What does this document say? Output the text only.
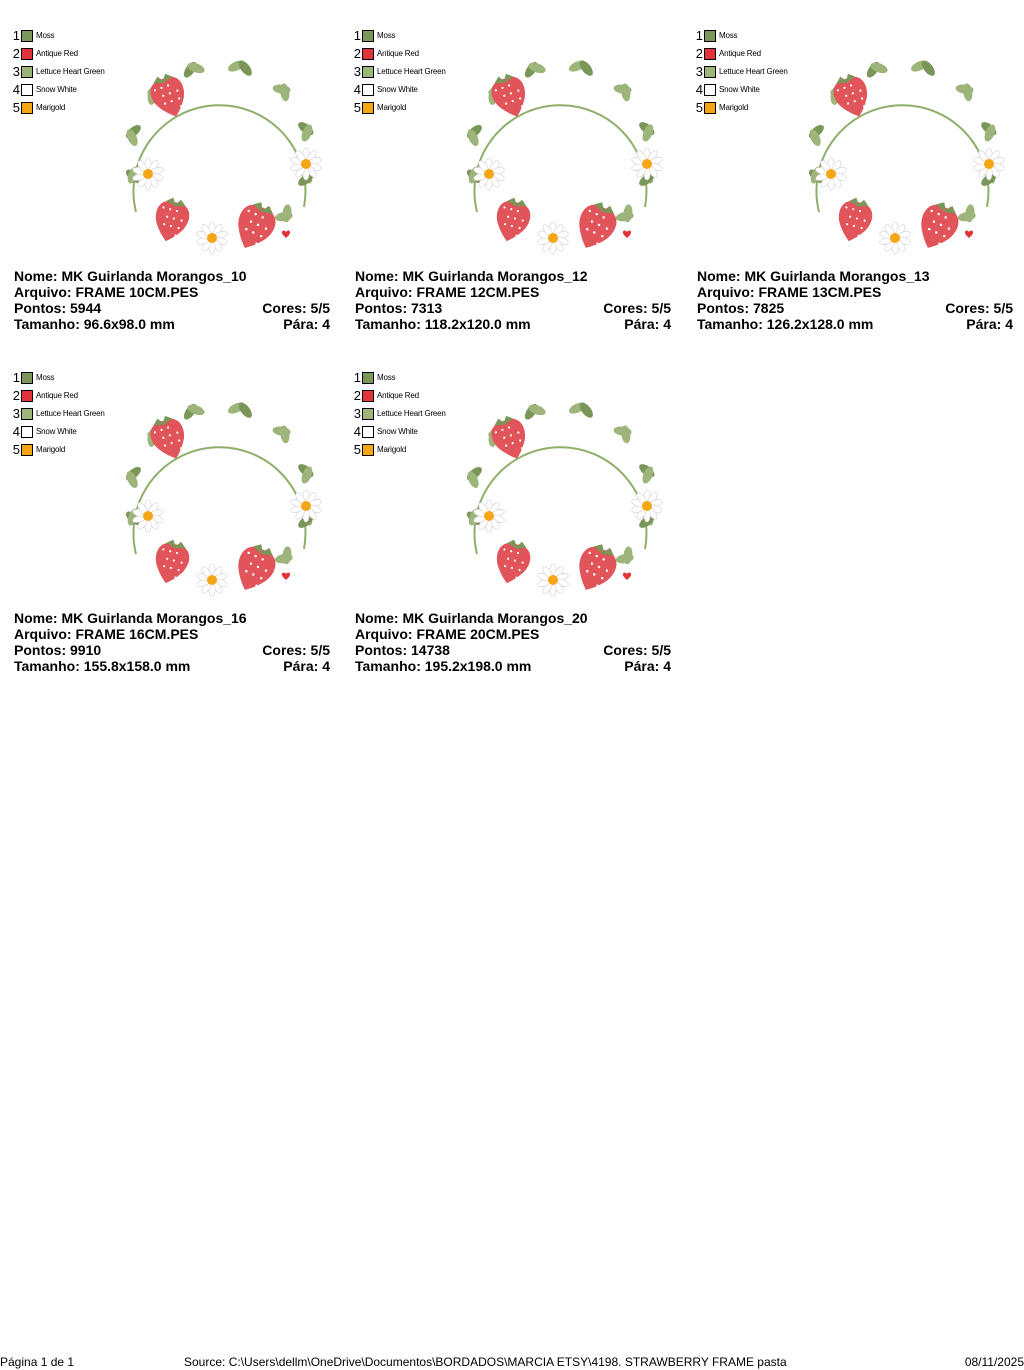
1 Moss
2 Antique Red
3 Lettuce Heart Green
4 Snow White
5 Marigold
Nome: MK Guirlanda Morangos_10
Arquivo: FRAME 10CM.PES
Pontos: 5944	Cores: 5/5
Tamanho: 96.6x98.0 mm	Pára: 4
1 Moss
2 Antique Red
3 Lettuce Heart Green
4 Snow White
5 Marigold
Nome: MK Guirlanda Morangos_12
Arquivo: FRAME 12CM.PES
Pontos: 7313	Cores: 5/5
Tamanho: 118.2x120.0 mm	Pára: 4
1 Moss
2 Antique Red
3 Lettuce Heart Green
4 Snow White
5 Marigold
Nome: MK Guirlanda Morangos_13
Arquivo: FRAME 13CM.PES
Pontos: 7825	Cores: 5/5
Tamanho: 126.2x128.0 mm	Pára: 4
1 Moss
2 Antique Red
3 Lettuce Heart Green
4 Snow White
5 Marigold
Nome: MK Guirlanda Morangos_16
Arquivo: FRAME 16CM.PES
Pontos: 9910	Cores: 5/5
Tamanho: 155.8x158.0 mm	Pára: 4
1 Moss
2 Antique Red
3 Lettuce Heart Green
4 Snow White
5 Marigold
Nome: MK Guirlanda Morangos_20
Arquivo: FRAME 20CM.PES
Pontos: 14738	Cores: 5/5
Tamanho: 195.2x198.0 mm	Pára: 4
Página 1 de 1	Source: C:\Users\dellm\OneDrive\Documentos\BORDADOS\MARCIA ETSY\4198. STRAWBERRY FRAME pasta	08/11/2025
